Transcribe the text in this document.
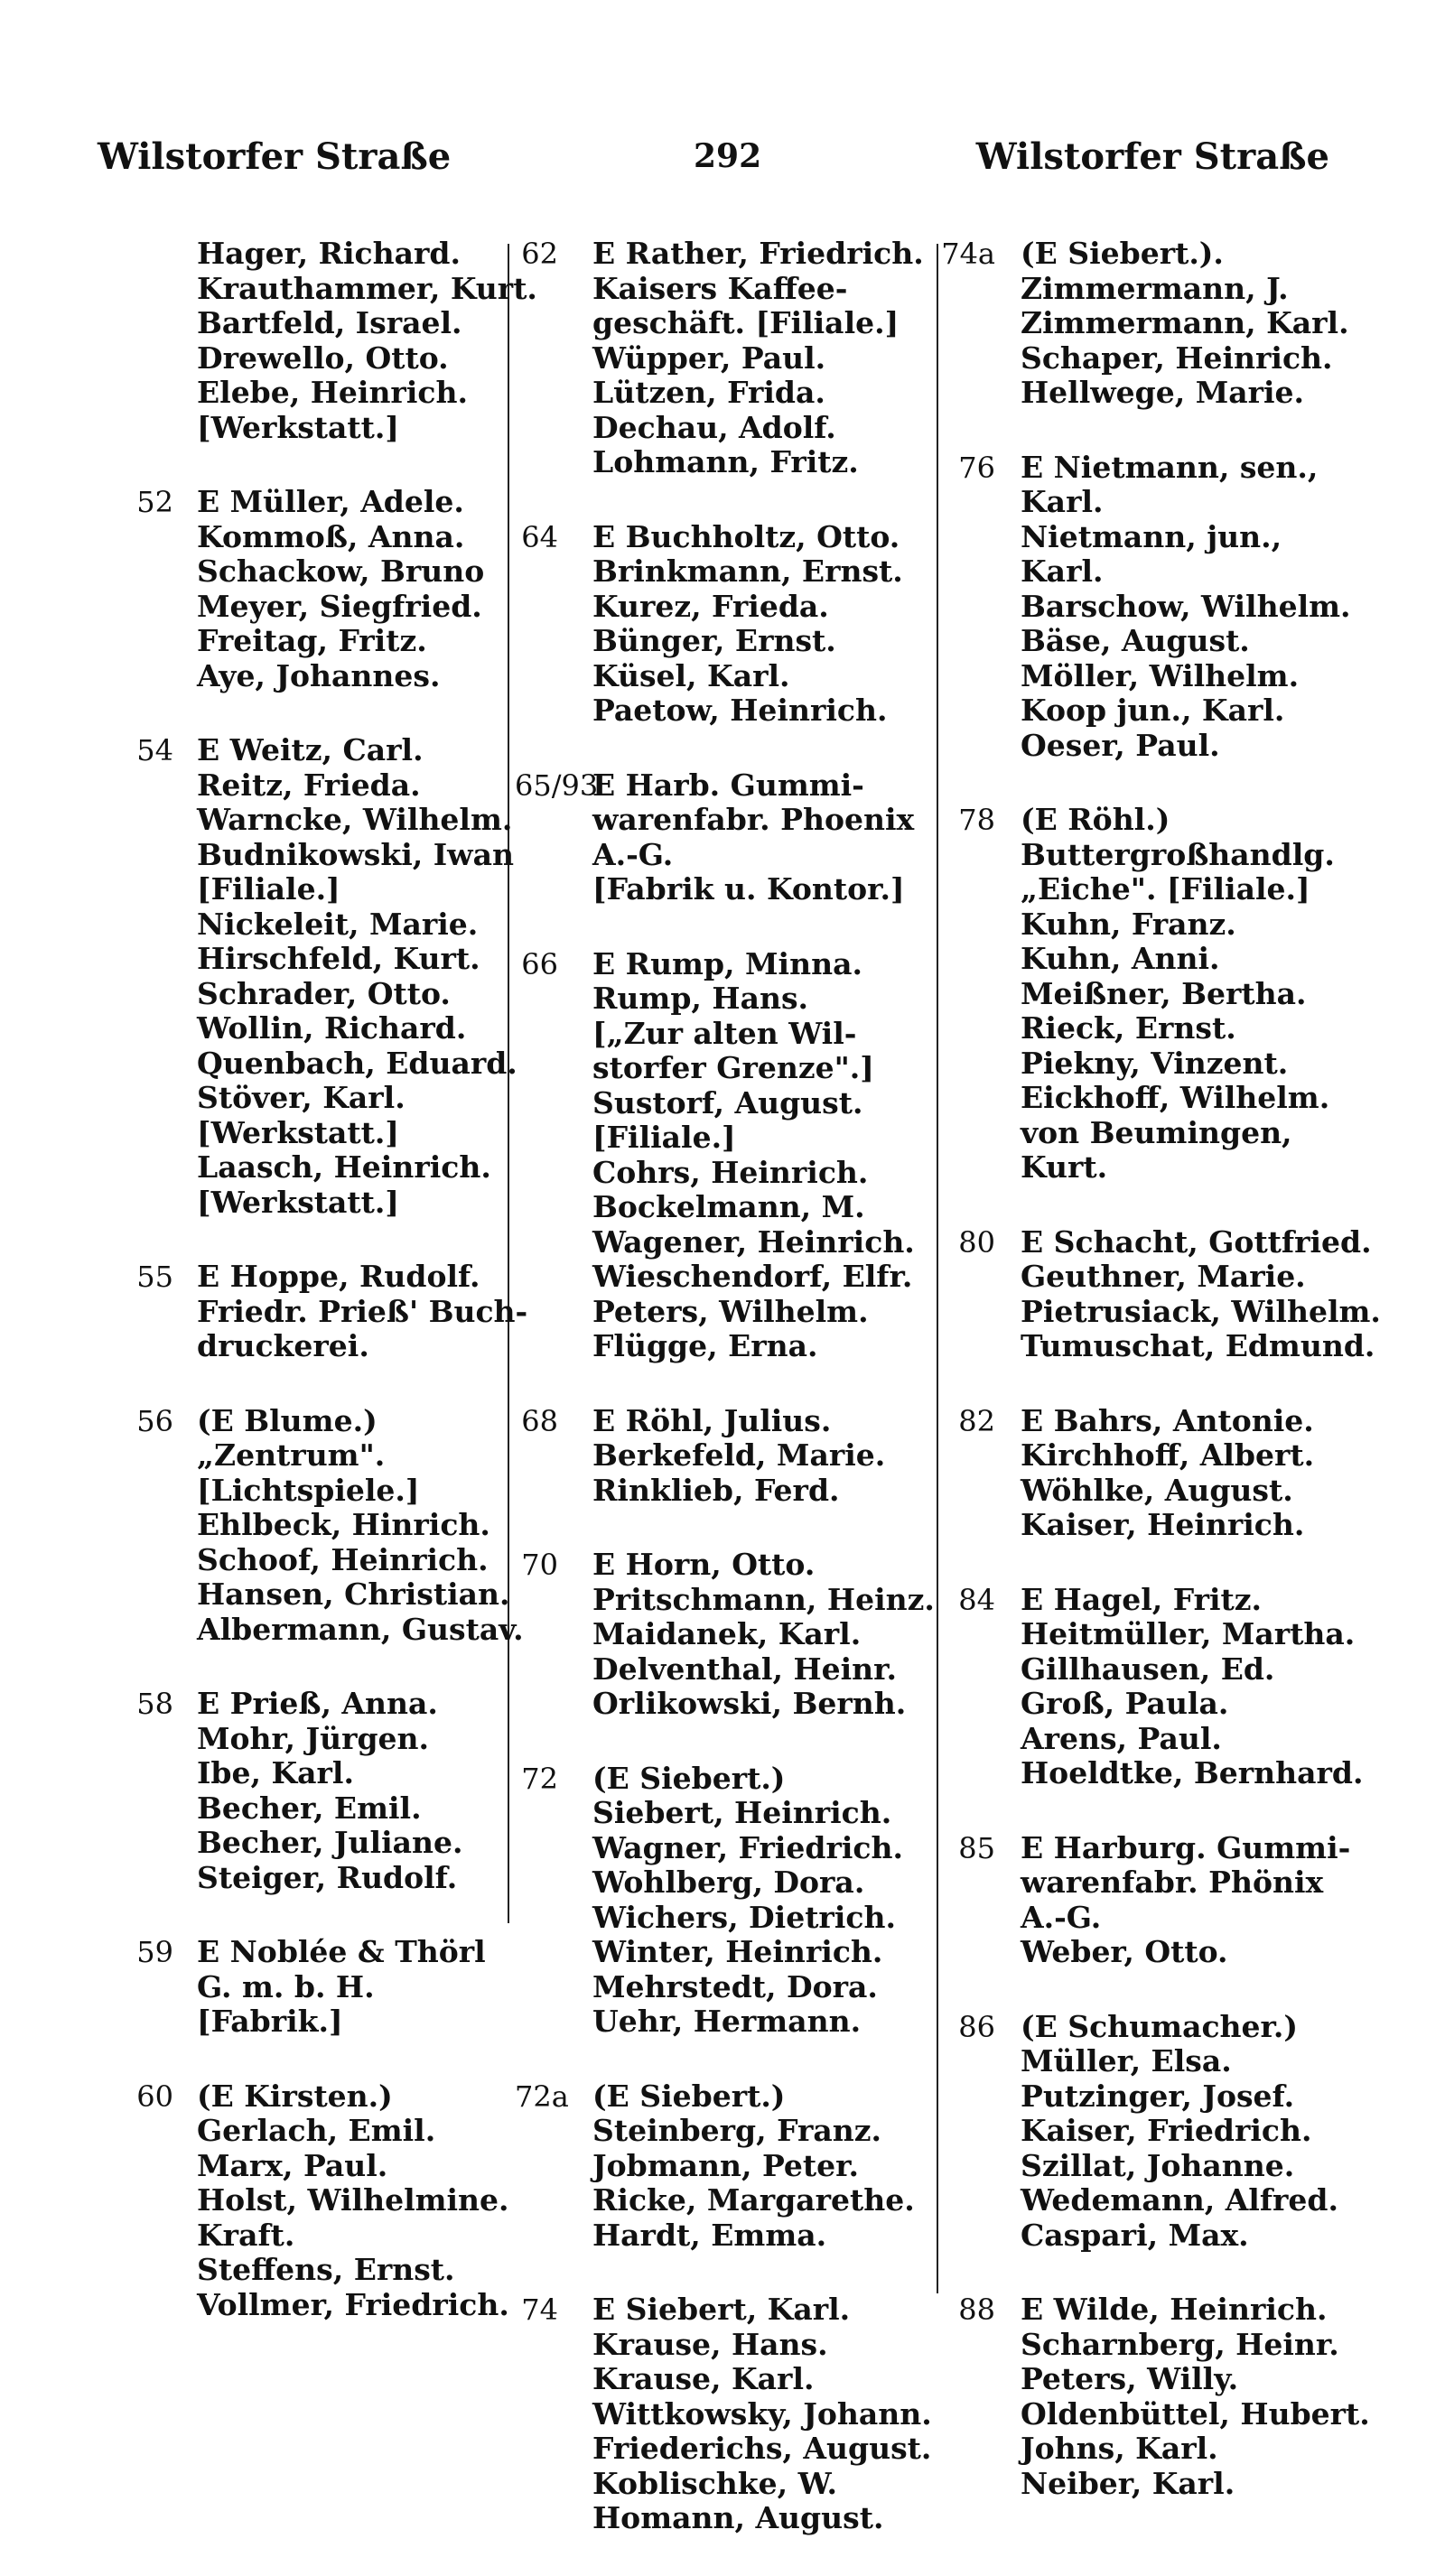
Wilstorfer Straße	292	Wilstorfer Straße
Hager, Richard.
Krauthammer, Kurt.
Bartfeld, Israel.
Drewello, Otto.
Elebe, Heinrich.
[Werkstatt.]
52 E Müller, Adele.
Kommoß, Anna.
Schackow, Bruno
Meyer, Siegfried.
Freitag, Fritz.
Aye, Johannes.
54 E Weitz, Carl.
Reitz, Frieda.
Warncke, Wilhelm.
Budnikowski, Iwan
[Filiale.]
Nickeleit, Marie.
Hirschfeld, Kurt.
Schrader, Otto.
Wollin, Richard.
Quenbach, Eduard.
Stöver, Karl.
[Werkstatt.]
Laasch, Heinrich.
[Werkstatt.]
55 E Hoppe, Rudolf.
Friedr. Prieß' Buch-
druckerei.
56 (E Blume.)
„Zentrum".
[Lichtspiele.]
Ehlbeck, Hinrich.
Schoof, Heinrich.
Hansen, Christian.
Albermann, Gustav.
58 E Prieß, Anna.
Mohr, Jürgen.
Ibe, Karl.
Becher, Emil.
Becher, Juliane.
Steiger, Rudolf.
59 E Noblée & Thörl
G. m. b. H.
[Fabrik.]
60 (E Kirsten.)
Gerlach, Emil.
Marx, Paul.
Holst, Wilhelmine.
Kraft.
Steffens, Ernst.
Vollmer, Friedrich.
62	E Rather, Friedrich.
Kaisers Kaffee-
geschäft. [Filiale.]
Wüpper, Paul.
Lützen, Frida.
Dechau, Adolf.
Lohmann, Fritz.
64	E Buchholtz, Otto.
Brinkmann, Ernst.
Kurez, Frieda.
Bünger, Ernst.
Küsel, Karl.
Paetow, Heinrich.
65/93
E Harb. Gummi-
warenfabr. Phoenix
A.-G.
[Fabrik u. Kontor.]
66	E Rump, Minna.
Rump, Hans.
[„Zur alten Wil-
storfer Grenze".]
Sustorf, August.
[Filiale.]
Cohrs, Heinrich.
Bockelmann, M.
Wagener, Heinrich.
Wieschendorf, Elfr.
Peters, Wilhelm.
Flügge, Erna.
68	E Röhl, Julius.
Berkefeld, Marie.
Rinklieb, Ferd.
70	E Horn, Otto.
Pritschmann, Heinz.
Maidanek, Karl.
Delventhal, Heinr.
Orlikowski, Bernh.
72	(E Siebert.)
Siebert, Heinrich.
Wagner, Friedrich.
Wohlberg, Dora.
Wichers, Dietrich.
Winter, Heinrich.
Mehrstedt, Dora.
Uehr, Hermann.
72a (E Siebert.)
Steinberg, Franz.
Jobmann, Peter.
Ricke, Margarethe.
Hardt, Emma.
74	E Siebert, Karl.
Krause, Hans.
Krause, Karl.
Wittkowsky, Johann.
Friederichs, August.
Koblischke, W.
Homann, August.
74a (E Siebert.).
Zimmermann, J.
Zimmermann, Karl.
Schaper, Heinrich.
Hellwege, Marie.
76 E Nietmann, sen.,
Karl.
Nietmann, jun.,
Karl.
Barschow, Wilhelm.
Bäse, August.
Möller, Wilhelm.
Koop jun., Karl.
Oeser, Paul.
78 (E Röhl.)
Buttergroßhandlg.
„Eiche". [Filiale.]
Kuhn, Franz.
Kuhn, Anni.
Meißner, Bertha.
Rieck, Ernst.
Piekny, Vinzent.
Eickhoff, Wilhelm.
von Beumingen,
Kurt.
80 E Schacht, Gottfried.
Geuthner, Marie.
Pietrusiack, Wilhelm.
Tumuschat, Edmund.
82 E Bahrs, Antonie.
Kirchhoff, Albert.
Wöhlke, August.
Kaiser, Heinrich.
84 E Hagel, Fritz.
Heitmüller, Martha.
Gillhausen, Ed.
Groß, Paula.
Arens, Paul.
Hoeldtke, Bernhard.
85 E Harburg. Gummi-
warenfabr. Phönix
A.-G.
Weber, Otto.
86 (E Schumacher.)
Müller, Elsa.
Putzinger, Josef.
Kaiser, Friedrich.
Szillat, Johanne.
Wedemann, Alfred.
Caspari, Max.
88 E Wilde, Heinrich.
Scharnberg, Heinr.
Peters, Willy.
Oldenbüttel, Hubert.
Johns, Karl.
Neiber, Karl.
